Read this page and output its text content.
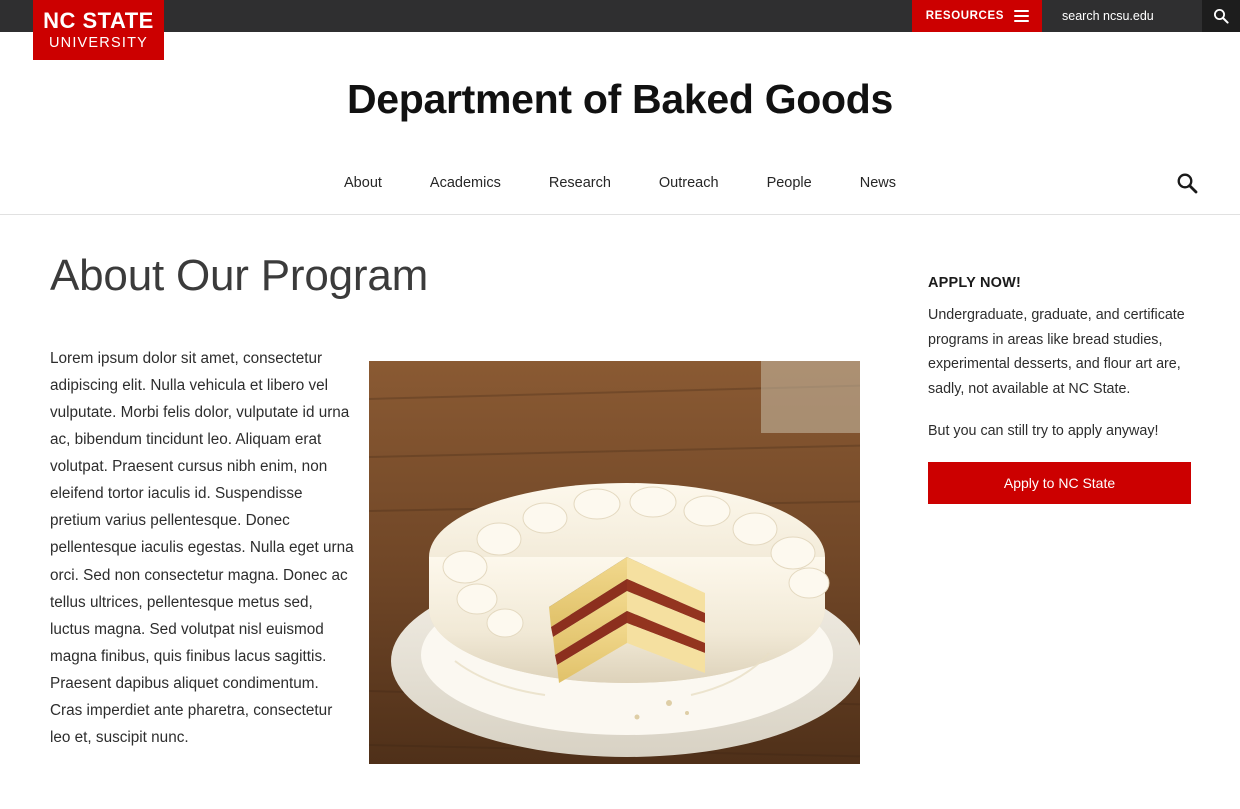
NC STATE
UNIVERSITY
RESOURCES
search ncsu.edu
Department of Baked Goods
About	Academics	Research	Outreach	People	News
About Our Program

Lorem ipsum dolor sit amet, consectetur adipiscing elit. Nulla vehicula et libero vel vulputate. Morbi felis dolor, vulputate id urna ac, bibendum tincidunt leo. Aliquam erat volutpat. Praesent cursus nibh enim, non eleifend tortor iaculis id. Suspendisse pretium varius pellentesque. Donec pellentesque iaculis egestas. Nulla eget urna orci. Sed non consectetur magna. Donec ac tellus ultrices, pellentesque metus sed, luctus magna. Sed volutpat nisl euismod magna finibus, quis finibus lacus sagittis. Praesent dapibus aliquet condimentum. Cras imperdiet ante pharetra, consectetur leo et, suscipit nunc.

APPLY NOW!

Undergraduate, graduate, and certificate programs in areas like bread studies, experimental desserts, and flour art are, sadly, not available at NC State.

But you can still try to apply anyway!

Apply to NC State
